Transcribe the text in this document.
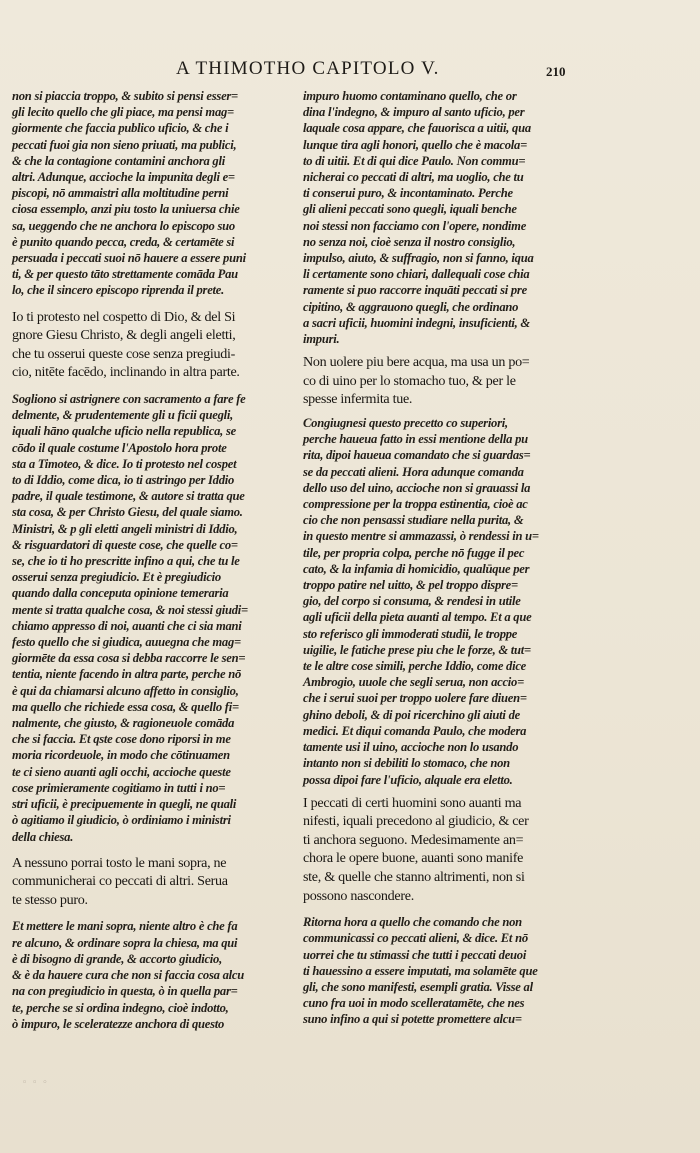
A THIMOTHO CAPITOLO V.	210
non si piaccia troppo, & subito si pensi esser=
gli lecito quello che gli piace, ma pensi mag=
giormente che faccia publico uficio, & che i
peccati fuoi gia non sieno priuati, ma publici,
& che la contagione contamini anchora gli
altri. Adunque, accioche la impunita degli e=
piscopi, nō ammaistri alla moltitudine perni
ciosa essemplo, anzi piu tosto la uniuersa chie
sa, ueggendo che ne anchora lo episcopo suo
è punito quando pecca, creda, & certamēte si
persuada i peccati suoi nō hauere a essere puni
ti, & per questo tāto strettamente comāda Pau
lo, che il sincero episcopo riprenda il prete.
Io ti protesto nel cospetto di Dio, & del Si
gnore Giesu Christo, & degli angeli eletti,
che tu osserui queste cose senza pregiudi-
cio, nitēte facēdo, inclinando in altra parte.
Sogliono si astrignere con sacramento a fare fe
delmente, & prudentemente gli u ficii quegli,
iquali hāno qualche uficio nella republica, se
cōdo il quale costume l'Apostolo hora prote
sta a Timoteo, & dice. Io ti protesto nel cospet
to di Iddio, come dica, io ti astringo per Iddio
padre, il quale testimone, & autore si tratta que
sta cosa, & per Christo Giesu, del quale siamo.
Ministri, & p gli eletti angeli ministri di Iddio,
& risguardatori di queste cose, che quelle co=
se, che io ti ho prescritte infino a qui, che tu le
osserui senza pregiudicio. Et è pregiudicio
quando dalla conceputa opinione temeraria
mente si tratta qualche cosa, & noi stessi giudi=
chiamo appresso di noi, auanti che ci sia mani
festo quello che si giudica, auuegna che mag=
giormēte da essa cosa si debba raccorre le sen=
tentia, niente facendo in altra parte, perche nō
è qui da chiamarsi alcuno affetto in consiglio,
ma quello che richiede essa cosa, & quello fi=
nalmente, che giusto, & ragioneuole comāda
che si faccia. Et qste cose dono riporsi in me
moria ricordeuole, in modo che cōtinuamen
te ci sieno auanti agli occhi, accioche queste
cose primieramente cogitiamo in tutti i no=
stri uficii, è precipuemente in quegli, ne quali
ò agitiamo il giudicio, ò ordiniamo i ministri
della chiesa.
A nessuno porrai tosto le mani sopra, ne
communicherai co peccati di altri. Serua
te stesso puro.
Et mettere le mani sopra, niente altro è che fa
re alcuno, & ordinare sopra la chiesa, ma qui
è di bisogno di grande, & accorto giudicio,
& è da hauere cura che non si faccia cosa alcu
na con pregiudicio in questa, ò in quella par=
te, perche se si ordina indegno, cioè indotto,
ò impuro, le sceleratezze anchora di questo
impuro huomo contaminano quello, che or
dina l'indegno, & impuro al santo uficio, per
laquale cosa appare, che fauorisca a uitii, qua
lunque tira agli honori, quello che è macola=
to di uitii. Et di qui dice Paulo. Non commu=
nicherai co peccati di altri, ma uoglio, che tu
ti conserui puro, & incontaminato. Perche
gli alieni peccati sono quegli, iquali benche
noi stessi non facciamo con l'opere, nondime
no senza noi, cioè senza il nostro consiglio,
impulso, aiuto, & suffragio, non si fanno, iqua
li certamente sono chiari, dallequali cose chia
ramente si puo raccorre inquāti peccati si pre
cipitino, & aggrauono quegli, che ordinano
a sacri uficii, huomini indegni, insuficienti, &
impuri.
Non uolere piu bere acqua, ma usa un po=
co di uino per lo stomacho tuo, & per le
spesse infermita tue.
Congiugnesi questo precetto co superiori,
perche haueua fatto in essi mentione della pu
rita, dipoi haueua comandato che si guardas=
se da peccati alieni. Hora adunque comanda
dello uso del uino, accioche non si grauassi la
compressione per la troppa estinentia, cioè ac
cio che non pensassi studiare nella purita, &
in questo mentre si ammazassi, ò rendessi in u=
tile, per propria colpa, perche nō fugge il pec
cato, & la infamia di homicidio, qualūque per
troppo patire nel uitto, & pel troppo dispre=
gio, del corpo si consuma, & rendesi in utile
agli uficii della pieta auanti al tempo. Et a que
sto referisco gli immoderati studii, le troppe
uigilie, le fatiche prese piu che le forze, & tut=
te le altre cose simili, perche Iddio, come dice
Ambrogio, uuole che segli serua, non accio=
che i serui suoi per troppo uolere fare diuen=
ghino deboli, & di poi ricerchino gli aiuti de
medici. Et diqui comanda Paulo, che modera
tamente usi il uino, accioche non lo usando
intanto non si debiliti lo stomaco, che non
possa dipoi fare l'uficio, alquale era eletto.
I peccati di certi huomini sono auanti ma
nifesti, iquali precedono al giudicio, & cer
ti anchora seguono. Medesimamente an=
chora le opere buone, auanti sono manife
ste, & quelle che stanno altrimenti, non si
possono nascondere.
Ritorna hora a quello che comando che non
communicassi co peccati alieni, & dice. Et nō
uorrei che tu stimassi che tutti i peccati deuoi
ti hauessino a essere imputati, ma solamēte que
gli, che sono manifesti, esempli gratia. Visse al
cuno fra uoi in modo scelleratamēte, che nes
suno infino a qui si potette promettere alcu=
◦ ◦ ◦
